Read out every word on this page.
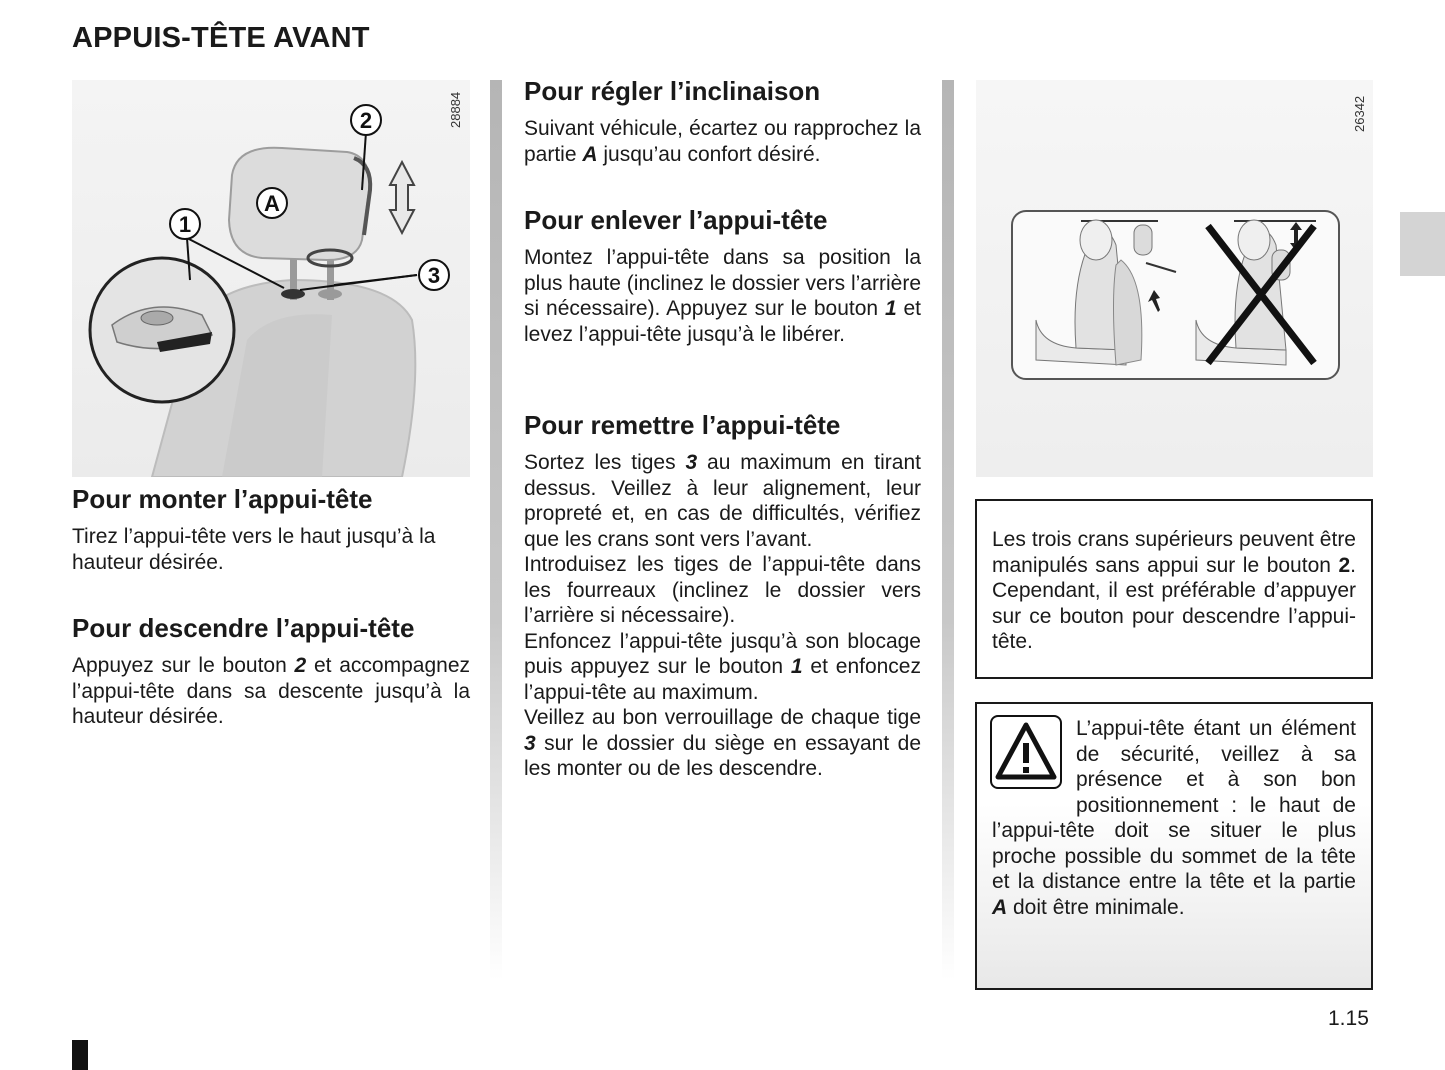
APPUIS-TÊTE AVANT
2
A
1
3
28884
Pour monter l’appui-tête

Tirez l’appui-tête vers le haut jusqu’à la hauteur désirée.

Pour descendre l’appui-tête

Appuyez sur le bouton 2 et accompagnez l’appui-tête dans sa descente jusqu’à la hauteur désirée.

Pour régler l’inclinaison

Suivant véhicule, écartez ou rapprochez la partie A jusqu’au confort désiré.

Pour enlever l’appui-tête

Montez l’appui-tête dans sa position la plus haute (inclinez le dossier vers l’arrière si nécessaire). Appuyez sur le bouton 1 et levez l’appui-tête jusqu’à le libérer.

Pour remettre l’appui-tête
Sortez les tiges 3 au maximum en tirant dessus. Veillez à leur alignement, leur propreté et, en cas de difficultés, vérifiez que les crans sont vers l’avant.
Introduisez les tiges de l’appui-tête dans les fourreaux (inclinez le dossier vers l’arrière si nécessaire).
Enfoncez l’appui-tête jusqu’à son blocage puis appuyez sur le bouton 1 et enfoncez l’appui-tête au maximum.
Veillez au bon verrouillage de chaque tige 3 sur le dossier du siège en essayant de les monter ou de les descendre.
26342

Les trois crans supérieurs peuvent être manipulés sans appui sur le bouton 2. Cependant, il est préférable d’appuyer sur ce bouton pour descendre l’appui-tête.

L’appui-tête étant un élément de sécurité, veillez à sa présence et à son bon positionnement : le haut de l’appui-tête doit se situer le plus proche possible du sommet de la tête et la distance entre la tête et la partie A doit être minimale.

1.15
